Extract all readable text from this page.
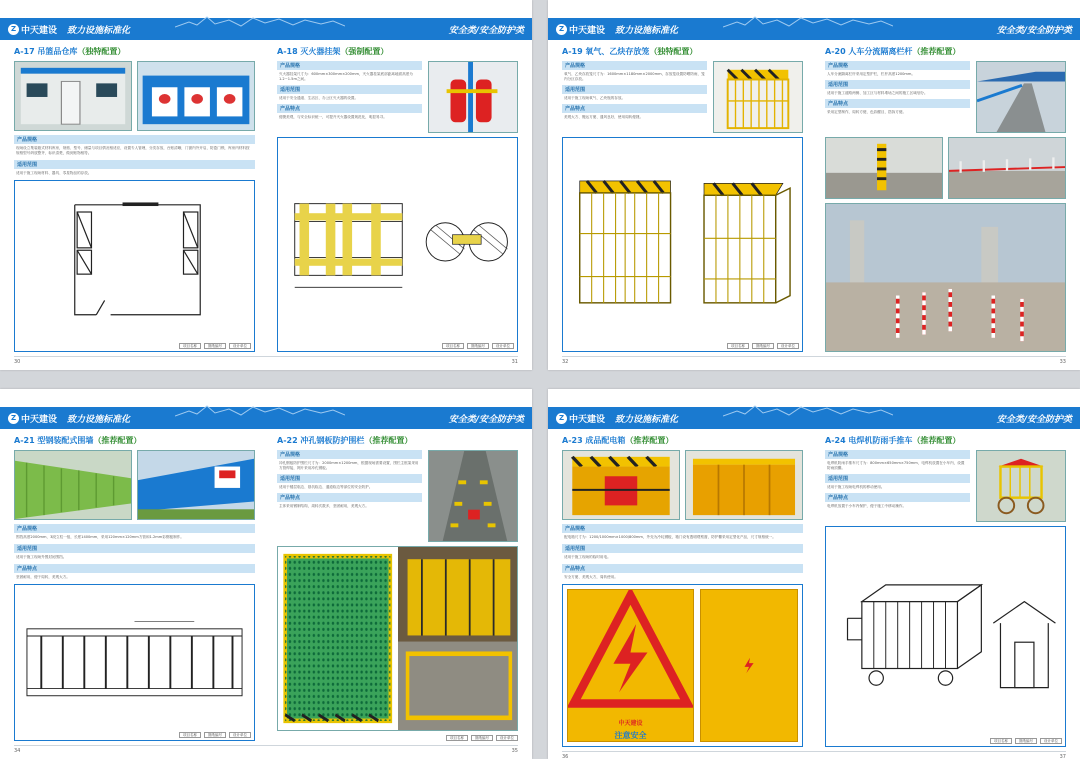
Z 中天建设 致力设施标准化	安全类/安全防护类
A-17 吊篮品仓库（独特配置）
产品规格
现场设立集装箱式材料库房，规格、型号、储量与项目情况相适应，设置专人管理，分类存放，台账清晰，门窗内外开启，防盗门锁，库房内材料按规格型号码放整齐，标识清楚，做到账物相符。
适用范围
适用于施工现场材料、器具、零星物品的存放。
项目名称	图纸编号	设计单位
A-18 灭火器挂架（强制配置）
产品规格
灭火器挂架尺寸为：600mm×300mm×200mm，灭火器挂架底部距离地面高度为1.2~1.5m之间。
适用范围
适用于安全通道、生活区、办公区灭火器的设置。
产品特点
便捷美观，与安全标识统一，可提升灭火器设置规范化，明显易寻。
项目名称	图纸编号	设计单位
30	31
Z 中天建设 致力设施标准化	安全类/安全防护类
A-19 氧气、乙炔存放笼（独特配置）
产品规格
氧气、乙炔存放笼尺寸为：1600mm×1180mm×2000mm，存放笼设置防晒防雨，笼内分区存放。
适用范围
适用于施工现场氧气、乙炔瓶的存放。
产品特点
美观大方、搬运方便、通风良好，使用周转便捷。
项目名称	图纸编号	设计单位
A-20 人车分流隔离栏杆（推荐配置）
产品规格
人车分流隔离栏杆采用定型护栏，栏杆高度1200mm。
适用范围
适用于施工道路两侧、加工区与材料堆场之间的施工区域划分。
产品特点
采用定型制作，周转方便，色彩醒目，搭拆方便。
32	33
Z 中天建设 致力设施标准化	安全类/安全防护类
A-21 型钢装配式围墙（推荐配置）
产品规格
围挡高度2000mm，3段立柱一组，长度1400mm，采用120mm×120mm方管和1.2mm彩钢板制作。
适用范围
适用于施工现场外围封闭围挡。
产品特点
坚固耐用，便于周转，美观大方。
项目名称	图纸编号	设计单位
A-22 冲孔钢板防护围栏（推荐配置）
产品规格
冲孔钢板防护围栏尺寸为：2000mm×1200mm，根据现场需要设置，围栏主框架采用方管焊接，网片采用冲孔钢板。
适用范围
适用于楼层临边、基坑临边、通道临边等部位的安全防护。
产品特点
主体采用钢制结构，周转次数多，坚固耐用，美观大方。
项目名称	图纸编号	设计单位
34	35
Z 中天建设 致力设施标准化	安全类/安全防护类
A-23 成品配电箱（推荐配置）
产品规格
配电箱尺寸为：1200/1000mm×1000/800mm，外壳为冷轧钢板，箱门设有透明观察窗，防护棚采用定型化产品，尺寸规格统一。
适用范围
适用于施工现场的临时用电。
产品特点
安全方便、美观大方，周转使用。
中天建设
注意安全
A-24 电焊机防雨手推车（推荐配置）
产品规格
电焊机防雨手推车尺寸为：800mm×650mm×750mm，电焊机放置在小车内，设置防雨顶棚。
适用范围
适用于施工现场电焊机的移动使用。
产品特点
电焊机放置于小车内保护，便于施工中移动操作。
项目名称	图纸编号	设计单位
36	37
